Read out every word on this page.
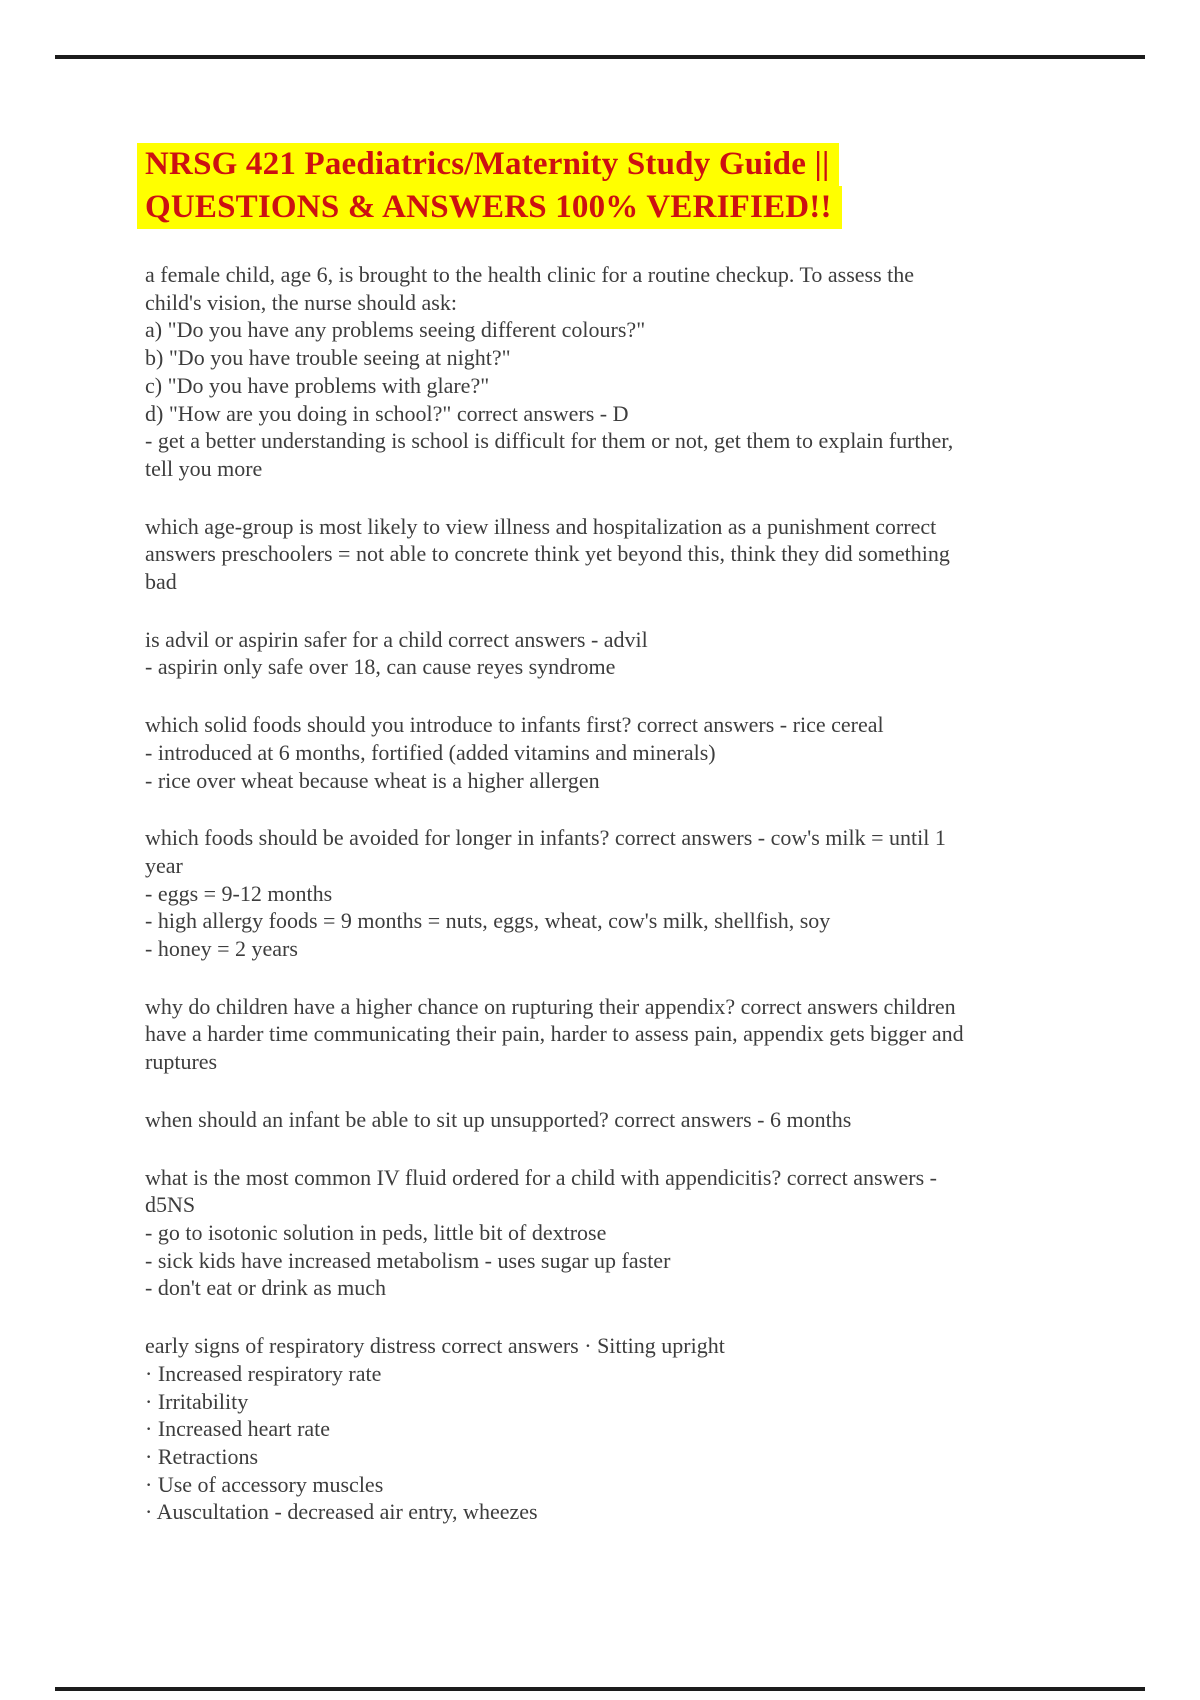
NRSG 421 Paediatrics/Maternity Study Guide ||
QUESTIONS & ANSWERS 100% VERIFIED!!
a female child, age 6, is brought to the health clinic for a routine checkup. To assess the
child's vision, the nurse should ask:
a) "Do you have any problems seeing different colours?"
b) "Do you have trouble seeing at night?"
c) "Do you have problems with glare?"
d) "How are you doing in school?" correct answers - D
- get a better understanding is school is difficult for them or not, get them to explain further,
tell you more
which age-group is most likely to view illness and hospitalization as a punishment correct
answers preschoolers = not able to concrete think yet beyond this, think they did something
bad
is advil or aspirin safer for a child correct answers - advil
- aspirin only safe over 18, can cause reyes syndrome
which solid foods should you introduce to infants first? correct answers - rice cereal
- introduced at 6 months, fortified (added vitamins and minerals)
- rice over wheat because wheat is a higher allergen
which foods should be avoided for longer in infants? correct answers - cow's milk = until 1
year
- eggs = 9-12 months
- high allergy foods = 9 months = nuts, eggs, wheat, cow's milk, shellfish, soy
- honey = 2 years
why do children have a higher chance on rupturing their appendix? correct answers children
have a harder time communicating their pain, harder to assess pain, appendix gets bigger and
ruptures
when should an infant be able to sit up unsupported? correct answers - 6 months
what is the most common IV fluid ordered for a child with appendicitis? correct answers -
d5NS
- go to isotonic solution in peds, little bit of dextrose
- sick kids have increased metabolism - uses sugar up faster
- don't eat or drink as much
early signs of respiratory distress correct answers · Sitting upright
· Increased respiratory rate
· Irritability
· Increased heart rate
· Retractions
· Use of accessory muscles
· Auscultation - decreased air entry, wheezes
